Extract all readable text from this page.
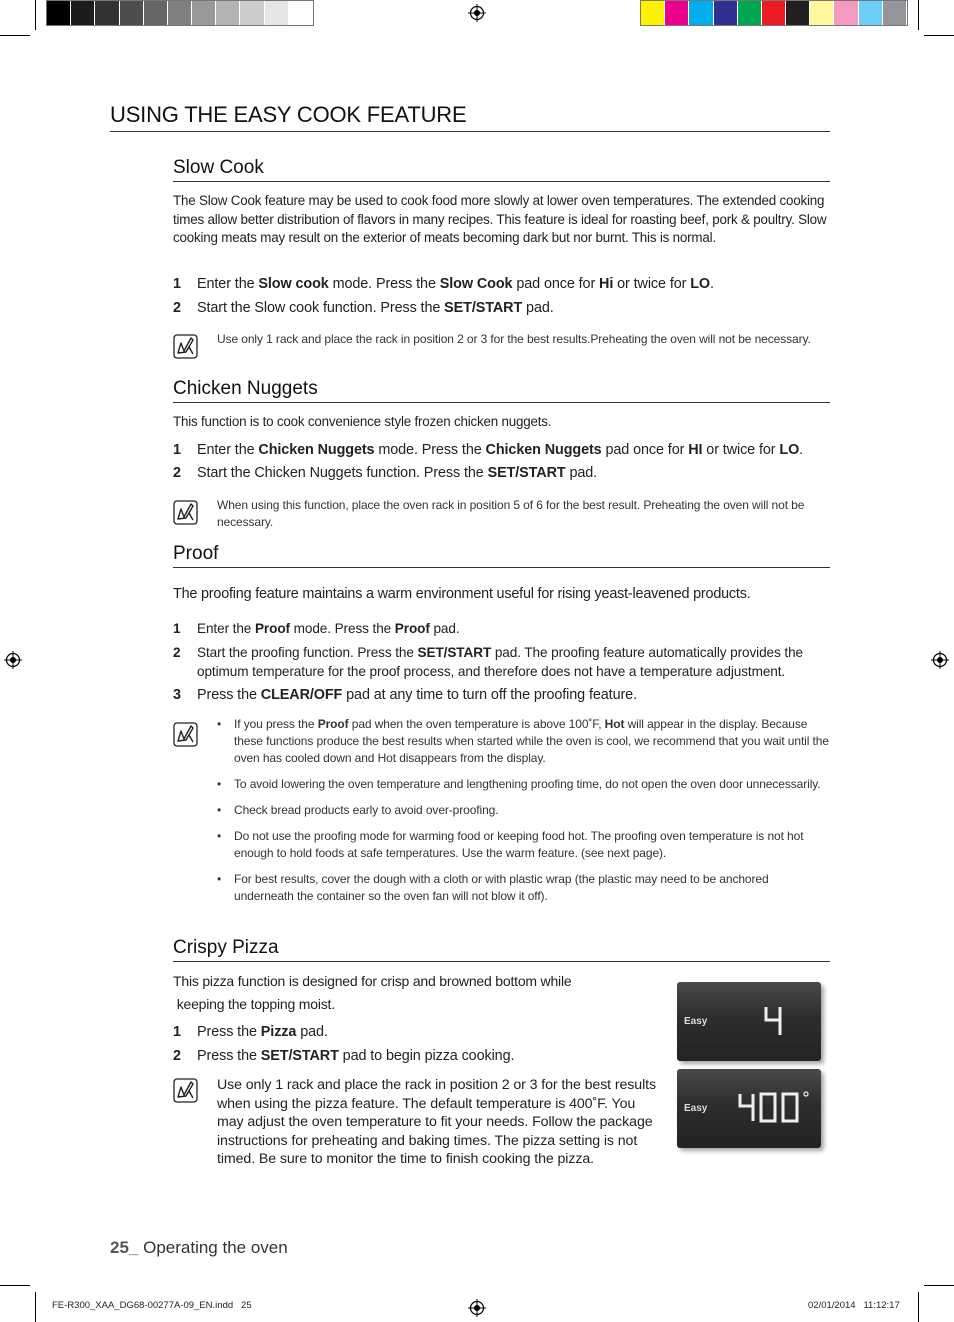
USING THE EASY COOK FEATURE
Slow Cook

The Slow Cook feature may be used to cook food more slowly at lower oven temperatures. The extended cooking times allow better distribution of flavors in many recipes. This feature is ideal for roasting beef, pork & poultry. Slow cooking meats may result on the exterior of meats becoming dark but nor burnt. This is normal.

1 Enter the Slow cook mode. Press the Slow Cook pad once for Hi or twice for LO.
2 Start the Slow cook function. Press the SET/START pad.

Use only 1 rack and place the rack in position 2 or 3 for the best results.Preheating the oven will not be necessary.

Chicken Nuggets

This function is to cook convenience style frozen chicken nuggets.

1 Enter the Chicken Nuggets mode. Press the Chicken Nuggets pad once for HI or twice for LO.
2 Start the Chicken Nuggets function. Press the SET/START pad.

When using this function, place the oven rack in position 5 of 6 for the best result. Preheating the oven will not be necessary.

Proof

The proofing feature maintains a warm environment useful for rising yeast-leavened products.

1 Enter the Proof mode. Press the Proof pad.
2 Start the proofing function. Press the SET/START pad. The proofing feature automatically provides the optimum temperature for the proof process, and therefore does not have a temperature adjustment.
3 Press the CLEAR/OFF pad at any time to turn off the proofing feature.
• If you press the Proof pad when the oven temperature is above 100˚F, Hot will appear in the display. Because these functions produce the best results when started while the oven is cool, we recommend that you wait until the oven has cooled down and Hot disappears from the display.
• To avoid lowering the oven temperature and lengthening proofing time, do not open the oven door unnecessarily.
• Check bread products early to avoid over-proofing.
• Do not use the proofing mode for warming food or keeping food hot. The proofing oven temperature is not hot enough to hold foods at safe temperatures. Use the warm feature. (see next page).
• For best results, cover the dough with a cloth or with plastic wrap (the plastic may need to be anchored underneath the container so the oven fan will not blow it off).
Crispy Pizza

This pizza function is designed for crisp and browned bottom while

keeping the topping moist.

1 Press the Pizza pad.
2 Press the SET/START pad to begin pizza cooking.

Use only 1 rack and place the rack in position 2 or 3 for the best results when using the pizza feature. The default temperature is 400˚F. You may adjust the oven temperature to fit your needs. Follow the package instructions for preheating and baking times. The pizza setting is not timed. Be sure to monitor the time to finish cooking the pizza.

Easy
Easy
25_ Operating the oven
FE-R300_XAA_DG68-00277A-09_EN.indd   25	02/01/2014   11:12:17
